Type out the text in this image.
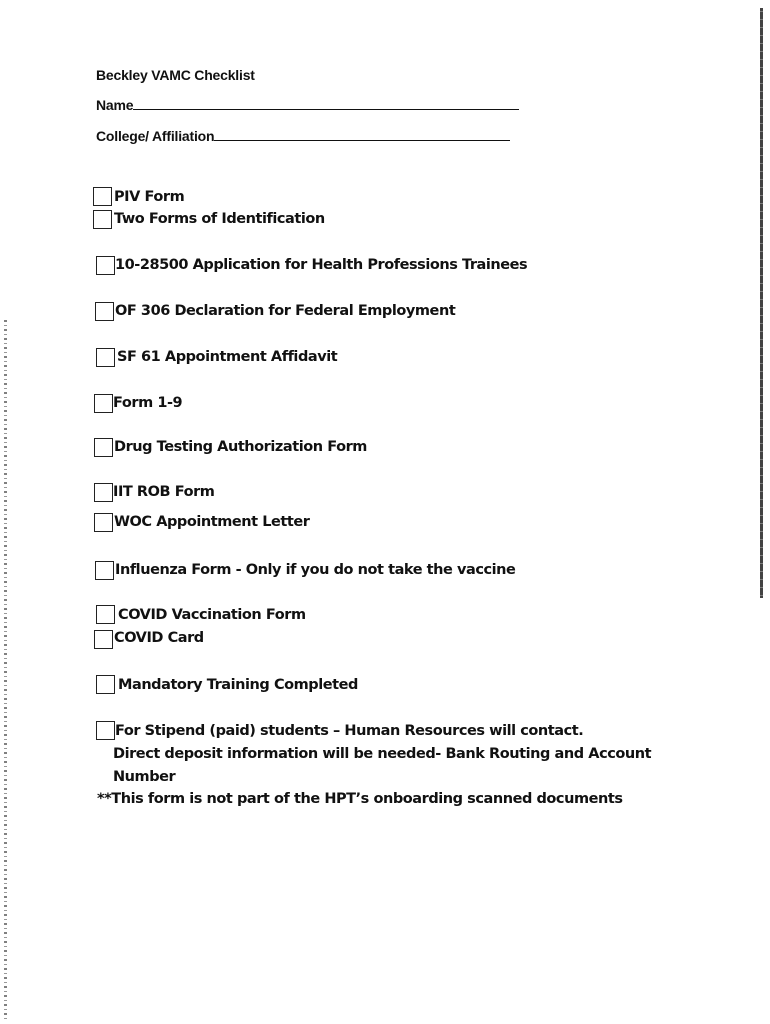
Beckley VAMC Checklist
Name
College/ Affiliation
PIV Form
Two Forms of Identification
10-28500 Application for Health Professions Trainees
OF 306 Declaration for Federal Employment
SF 61 Appointment Affidavit
Form 1-9
Drug Testing Authorization Form
IIT ROB Form
WOC Appointment Letter
Influenza Form - Only if you do not take the vaccine
COVID Vaccination Form
COVID Card
Mandatory Training Completed
For Stipend (paid) students – Human Resources will contact.
Direct deposit information will be needed- Bank Routing and Account
Number
**This form is not part of the HPT’s onboarding scanned documents
